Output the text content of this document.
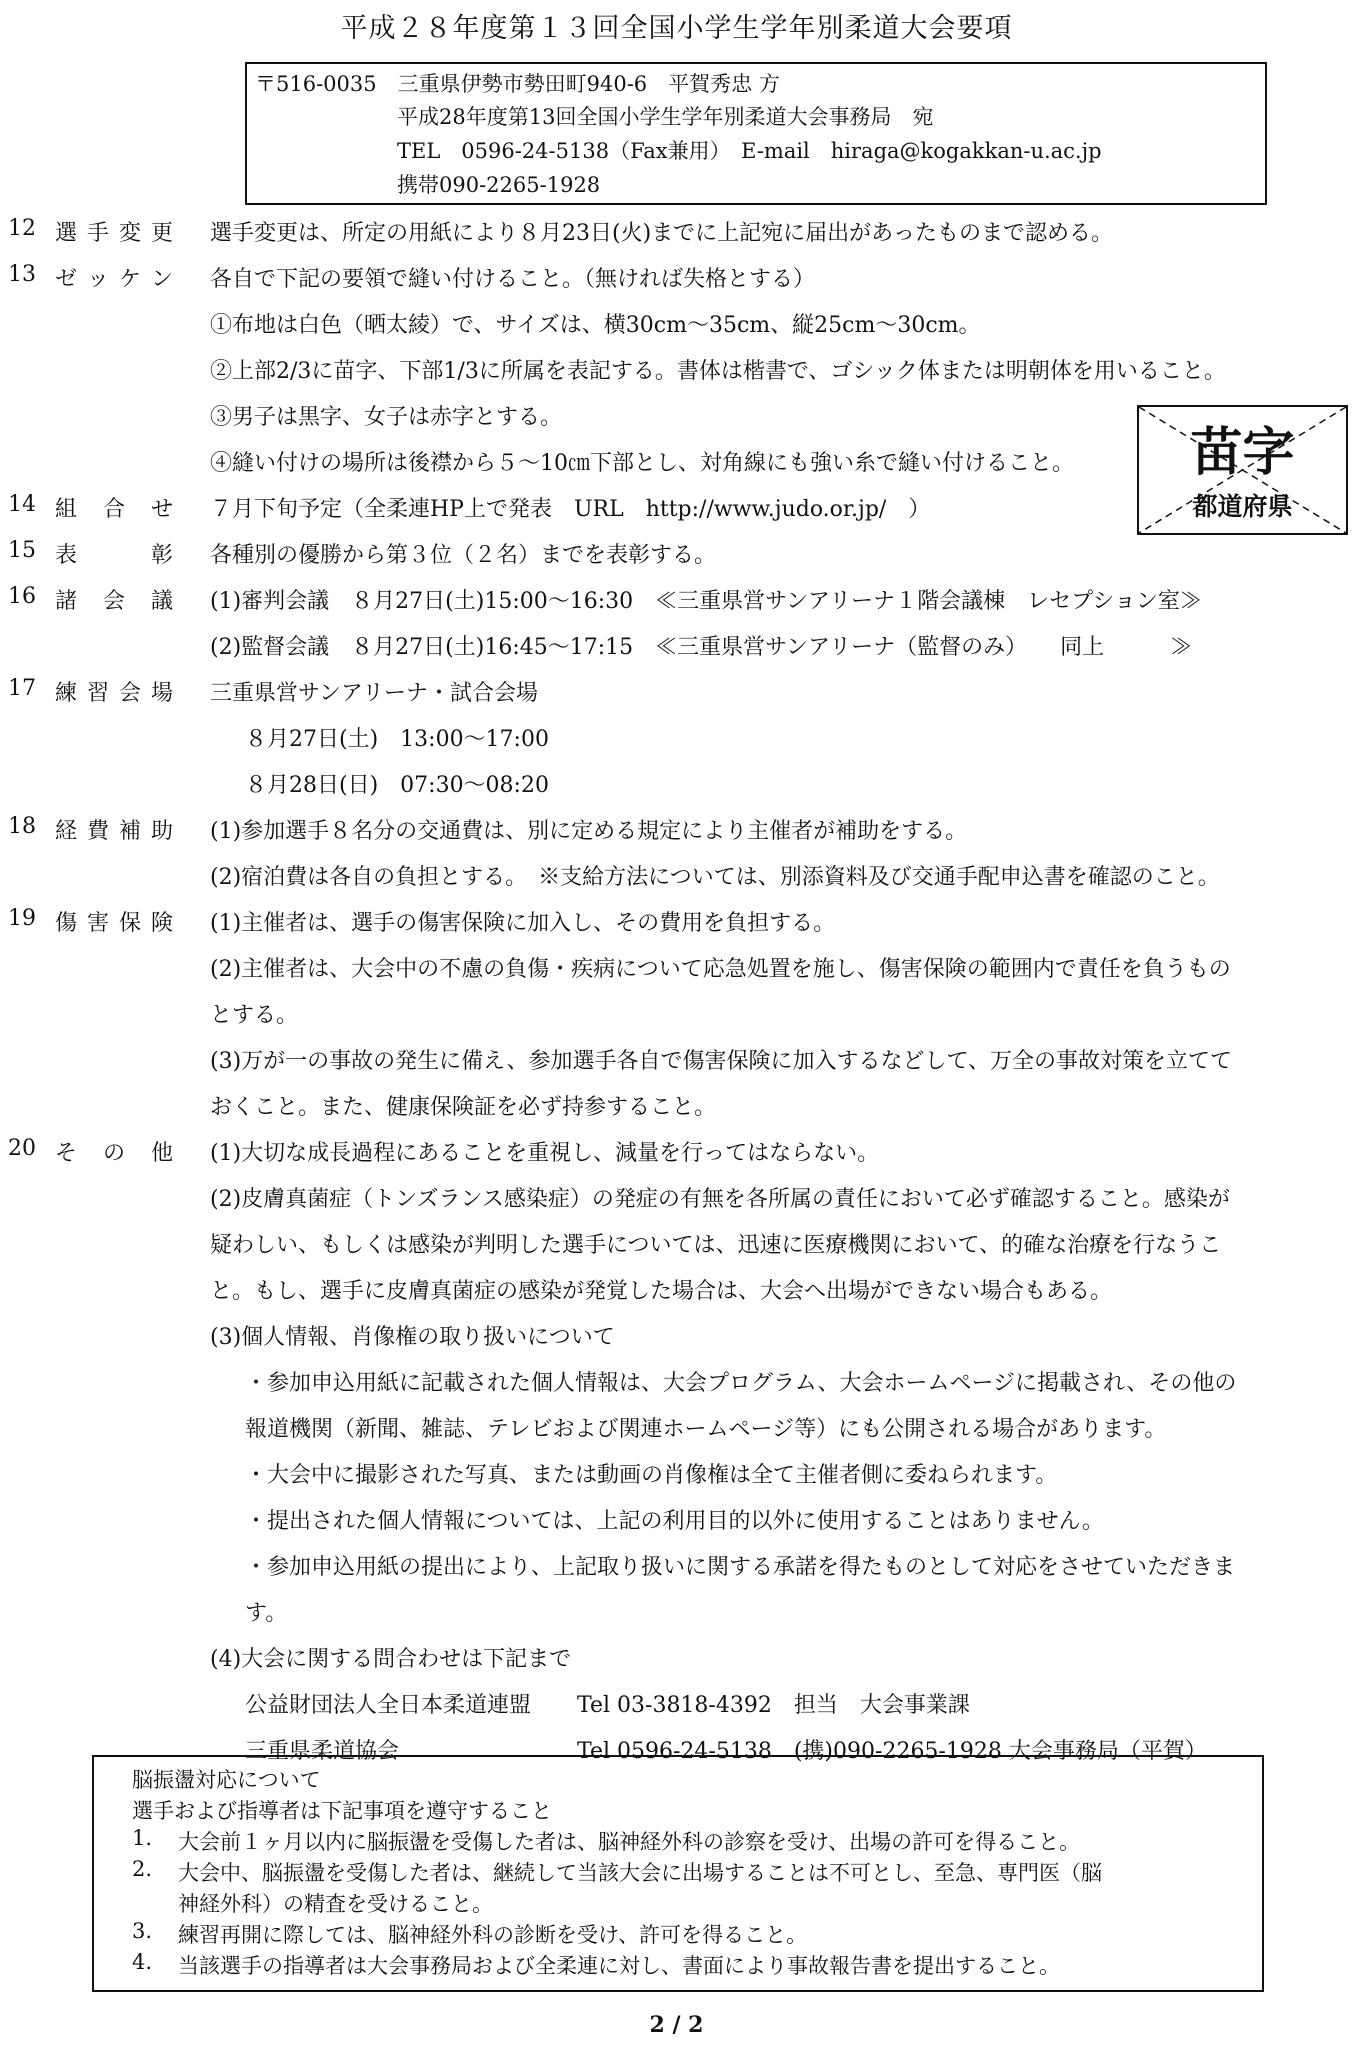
平成２８年度第１３回全国小学生学年別柔道大会要項
〒516-0035　三重県伊勢市勢田町940-6　平賀秀忠 方
平成28年度第13回全国小学生学年別柔道大会事務局　宛
TEL　0596-24-5138（Fax兼用）　E-mail　hiraga@kogakkan-u.ac.jp
携帯090-2265-1928
12 選 手 変 更 選手変更は、所定の用紙により８月23日(火)までに上記宛に届出があったものまで認める。
13 ゼ ッ ケ ン 各自で下記の要領で縫い付けること。（無ければ失格とする）
①布地は白色（晒太綾）で、サイズは、横30cm～35cm、縦25cm～30cm。
②上部2/3に苗字、下部1/3に所属を表記する。書体は楷書で、ゴシック体または明朝体を用いること。
③男子は黒字、女子は赤字とする。
④縫い付けの場所は後襟から５～10㎝下部とし、対角線にも強い糸で縫い付けること。	苗字
都道府県
14 組 合 せ ７月下旬予定（全柔連HP上で発表　URL　http://www.judo.or.jp/　）
15 表	彰 各種別の優勝から第３位（２名）までを表彰する。
16 諸 会 議 (1)審判会議　８月27日(土)15:00～16:30　≪三重県営サンアリーナ１階会議棟　レセプション室≫
(2)監督会議　８月27日(土)16:45～17:15　≪三重県営サンアリーナ（監督のみ）　　同上　　　≫
17 練 習 会 場 三重県営サンアリーナ・試合会場
８月27日(土)　13:00～17:00
８月28日(日)　07:30～08:20
18 経 費 補 助 (1)参加選手８名分の交通費は、別に定める規定により主催者が補助をする。
(2)宿泊費は各自の負担とする。　※支給方法については、別添資料及び交通手配申込書を確認のこと。
19 傷 害 保 険 (1)主催者は、選手の傷害保険に加入し、その費用を負担する。
(2)主催者は、大会中の不慮の負傷・疾病について応急処置を施し、傷害保険の範囲内で責任を負うもの
とする。
(3)万が一の事故の発生に備え、参加選手各自で傷害保険に加入するなどして、万全の事故対策を立てて
おくこと。また、健康保険証を必ず持参すること。
20 そ の 他 (1)大切な成長過程にあることを重視し、減量を行ってはならない。
(2)皮膚真菌症（トンズランス感染症）の発症の有無を各所属の責任において必ず確認すること。感染が
疑わしい、もしくは感染が判明した選手については、迅速に医療機関において、的確な治療を行なうこ
と。もし、選手に皮膚真菌症の感染が発覚した場合は、大会へ出場ができない場合もある。
(3)個人情報、肖像権の取り扱いについて
・参加申込用紙に記載された個人情報は、大会プログラム、大会ホームページに掲載され、その他の
報道機関（新聞、雑誌、テレビおよび関連ホームページ等）にも公開される場合があります。
・大会中に撮影された写真、または動画の肖像権は全て主催者側に委ねられます。
・提出された個人情報については、上記の利用目的以外に使用することはありません。
・参加申込用紙の提出により、上記取り扱いに関する承諾を得たものとして対応をさせていただきま
す。
(4)大会に関する問合わせは下記まで
公益財団法人全日本柔道連盟 Tel 03-3818-4392　担当　大会事業課
三重県柔道協会	Tel 0596-24-5138　(携)090-2265-1928 大会事務局（平賀）
脳振盪対応について
選手および指導者は下記事項を遵守すること
1. 大会前１ヶ月以内に脳振盪を受傷した者は、脳神経外科の診察を受け、出場の許可を得ること。
2. 大会中、脳振盪を受傷した者は、継続して当該大会に出場することは不可とし、至急、専門医（脳
神経外科）の精査を受けること。
3. 練習再開に際しては、脳神経外科の診断を受け、許可を得ること。
4. 当該選手の指導者は大会事務局および全柔連に対し、書面により事故報告書を提出すること。
2 / 2
